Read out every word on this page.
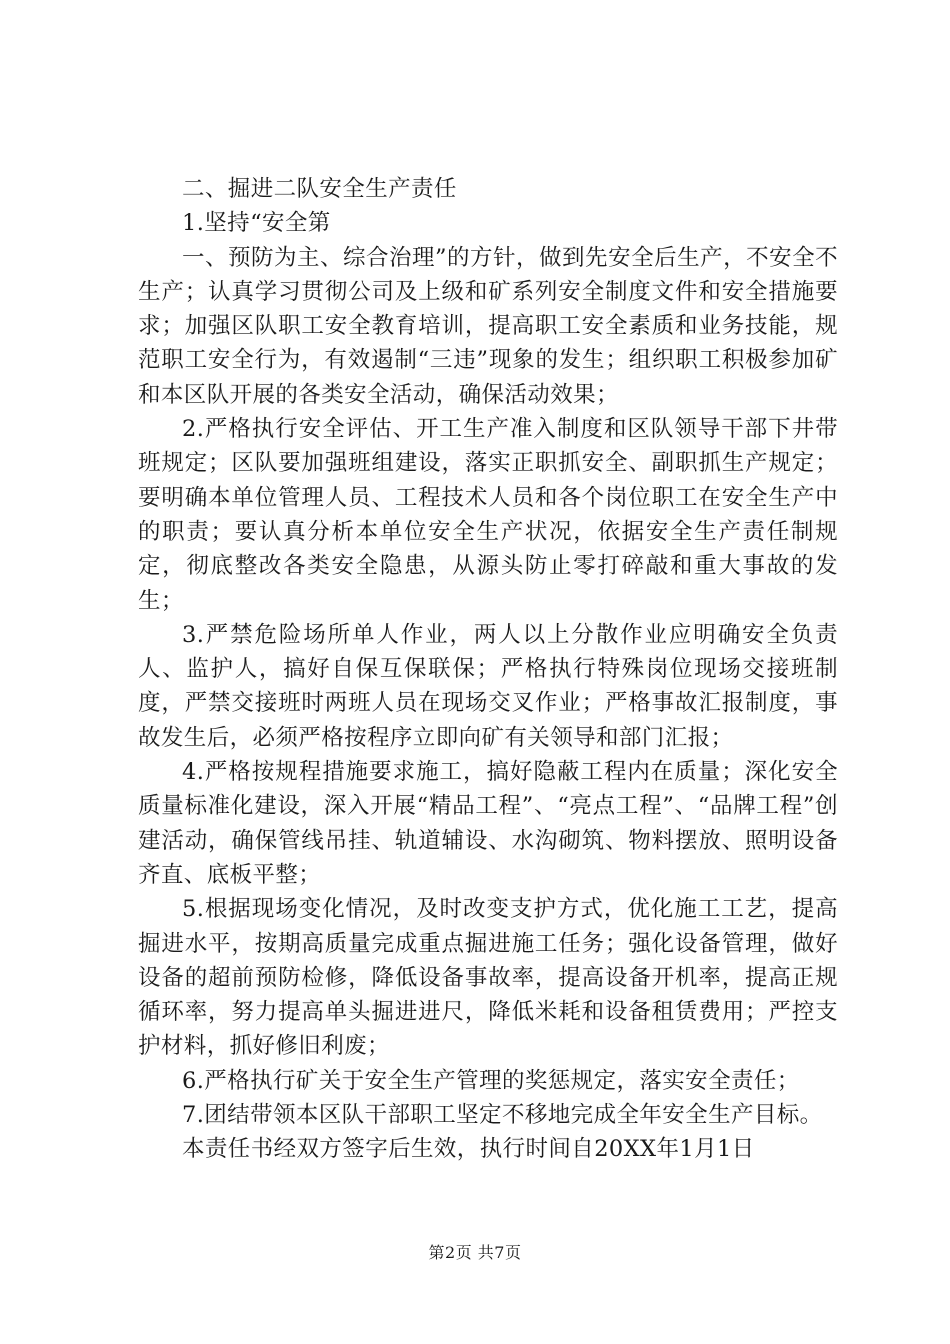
二、掘进二队安全生产责任

1.坚持“安全第

一、预防为主、综合治理”的方针，做到先安全后生产，不安全不生产；认真学习贯彻公司及上级和矿系列安全制度文件和安全措施要求；加强区队职工安全教育培训，提高职工安全素质和业务技能，规范职工安全行为，有效遏制“三违”现象的发生；组织职工积极参加矿和本区队开展的各类安全活动，确保活动效果；

2.严格执行安全评估、开工生产准入制度和区队领导干部下井带班规定；区队要加强班组建设，落实正职抓安全、副职抓生产规定；要明确本单位管理人员、工程技术人员和各个岗位职工在安全生产中的职责；要认真分析本单位安全生产状况，依据安全生产责任制规定，彻底整改各类安全隐患，从源头防止零打碎敲和重大事故的发生；

3.严禁危险场所单人作业，两人以上分散作业应明确安全负责人、监护人，搞好自保互保联保；严格执行特殊岗位现场交接班制度，严禁交接班时两班人员在现场交叉作业；严格事故汇报制度，事故发生后，必须严格按程序立即向矿有关领导和部门汇报；

4.严格按规程措施要求施工，搞好隐蔽工程内在质量；深化安全质量标准化建设，深入开展“精品工程”、“亮点工程”、“品牌工程”创建活动，确保管线吊挂、轨道辅设、水沟砌筑、物料摆放、照明设备齐直、底板平整；

5.根据现场变化情况，及时改变支护方式，优化施工工艺，提高掘进水平，按期高质量完成重点掘进施工任务；强化设备管理，做好设备的超前预防检修，降低设备事故率，提高设备开机率，提高正规循环率，努力提高单头掘进进尺，降低米耗和设备租赁费用；严控支护材料，抓好修旧利废；

6.严格执行矿关于安全生产管理的奖惩规定，落实安全责任；

7.团结带领本区队干部职工坚定不移地完成全年安全生产目标。

本责任书经双方签字后生效，执行时间自20XX年1月1日

第2页 共7页
